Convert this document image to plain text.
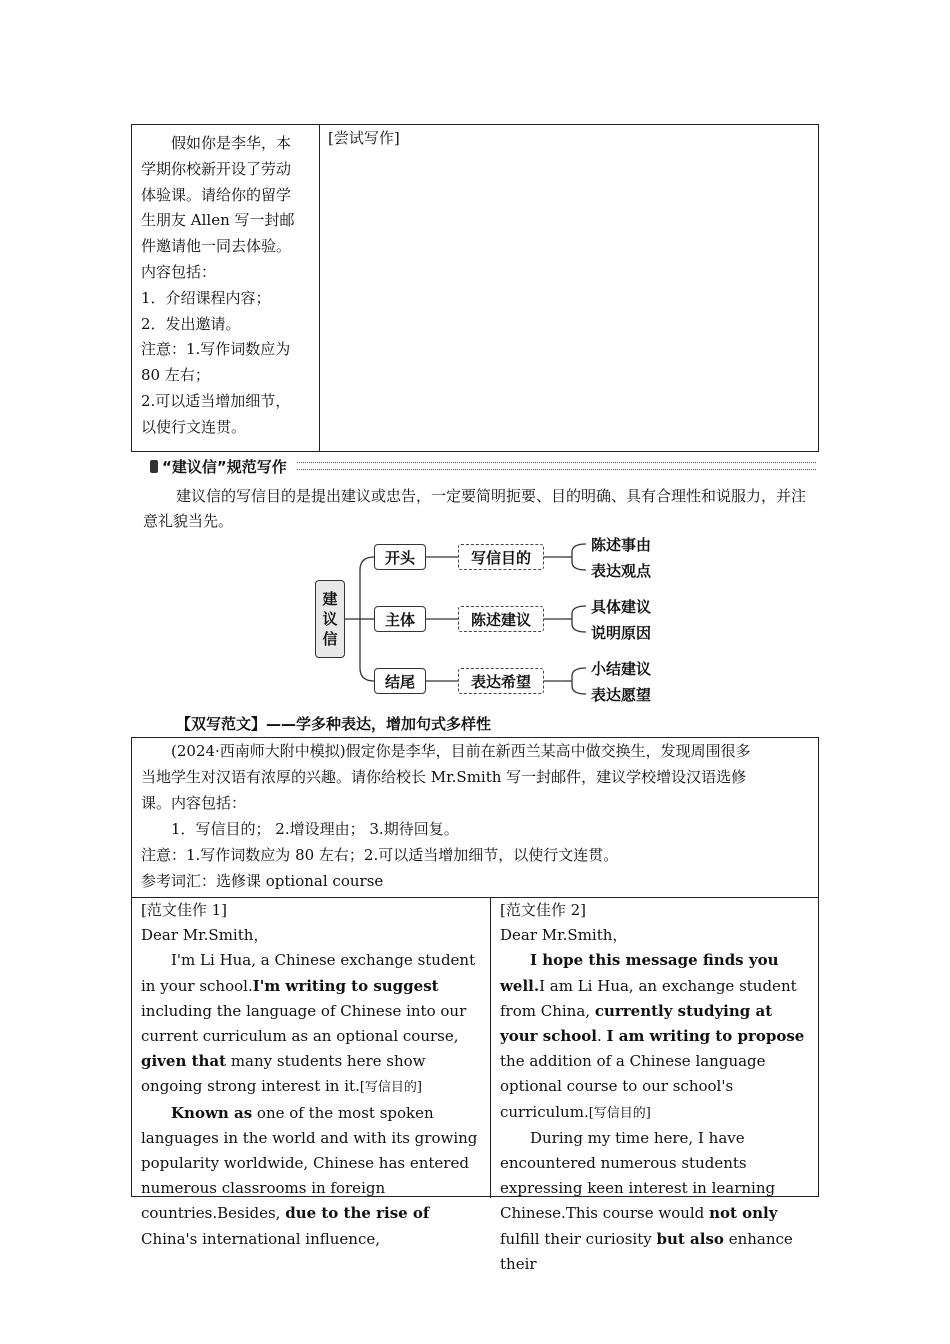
假如你是李华，本
学期你校新开设了劳动
体验课。请给你的留学
生朋友 Allen 写一封邮
件邀请他一同去体验。
内容包括：
1．介绍课程内容；
2．发出邀请。
注意：1.写作词数应为
80 左右；
2.可以适当增加细节，
以使行文连贯。
[尝试写作]
“建议信”规范写作
建议信的写信目的是提出建议或忠告，一定要简明扼要、目的明确、具有合理性和说服力，并注意礼貌当先。
建
议
信
开头	写信目的
陈述事由
表达观点
主体	陈述建议
具体建议
说明原因
结尾	表达希望
小结建议
表达愿望
【双写范文】——学多种表达，增加句式多样性
(2024·西南师大附中模拟)假定你是李华，目前在新西兰某高中做交换生，发现周围很多
当地学生对汉语有浓厚的兴趣。请你给校长 Mr.Smith 写一封邮件，建议学校增设汉语选修
课。内容包括：
1．写信目的； 2.增设理由； 3.期待回复。
注意：1.写作词数应为 80 左右；2.可以适当增加细节，以使行文连贯。
参考词汇：选修课 optional course
[范文佳作 1]
Dear Mr.Smith，
I'm Li Hua, a Chinese exchange student in your school.I'm writing to suggest including the language of Chinese into our current curriculum as an optional course, given that many students here show ongoing strong interest in it.[写信目的]
Known as one of the most spoken languages in the world and with its growing popularity worldwide, Chinese has entered numerous classrooms in foreign countries.Besides, due to the rise of China's international influence,
[范文佳作 2]
Dear Mr.Smith，
I hope this message finds you well.I am Li Hua, an exchange student from China, currently studying at your school. I am writing to propose the addition of a Chinese language optional course to our school's curriculum.[写信目的]
During my time here, I have encountered numerous students expressing keen interest in learning Chinese.This course would not only fulfill their curiosity but also enhance their
